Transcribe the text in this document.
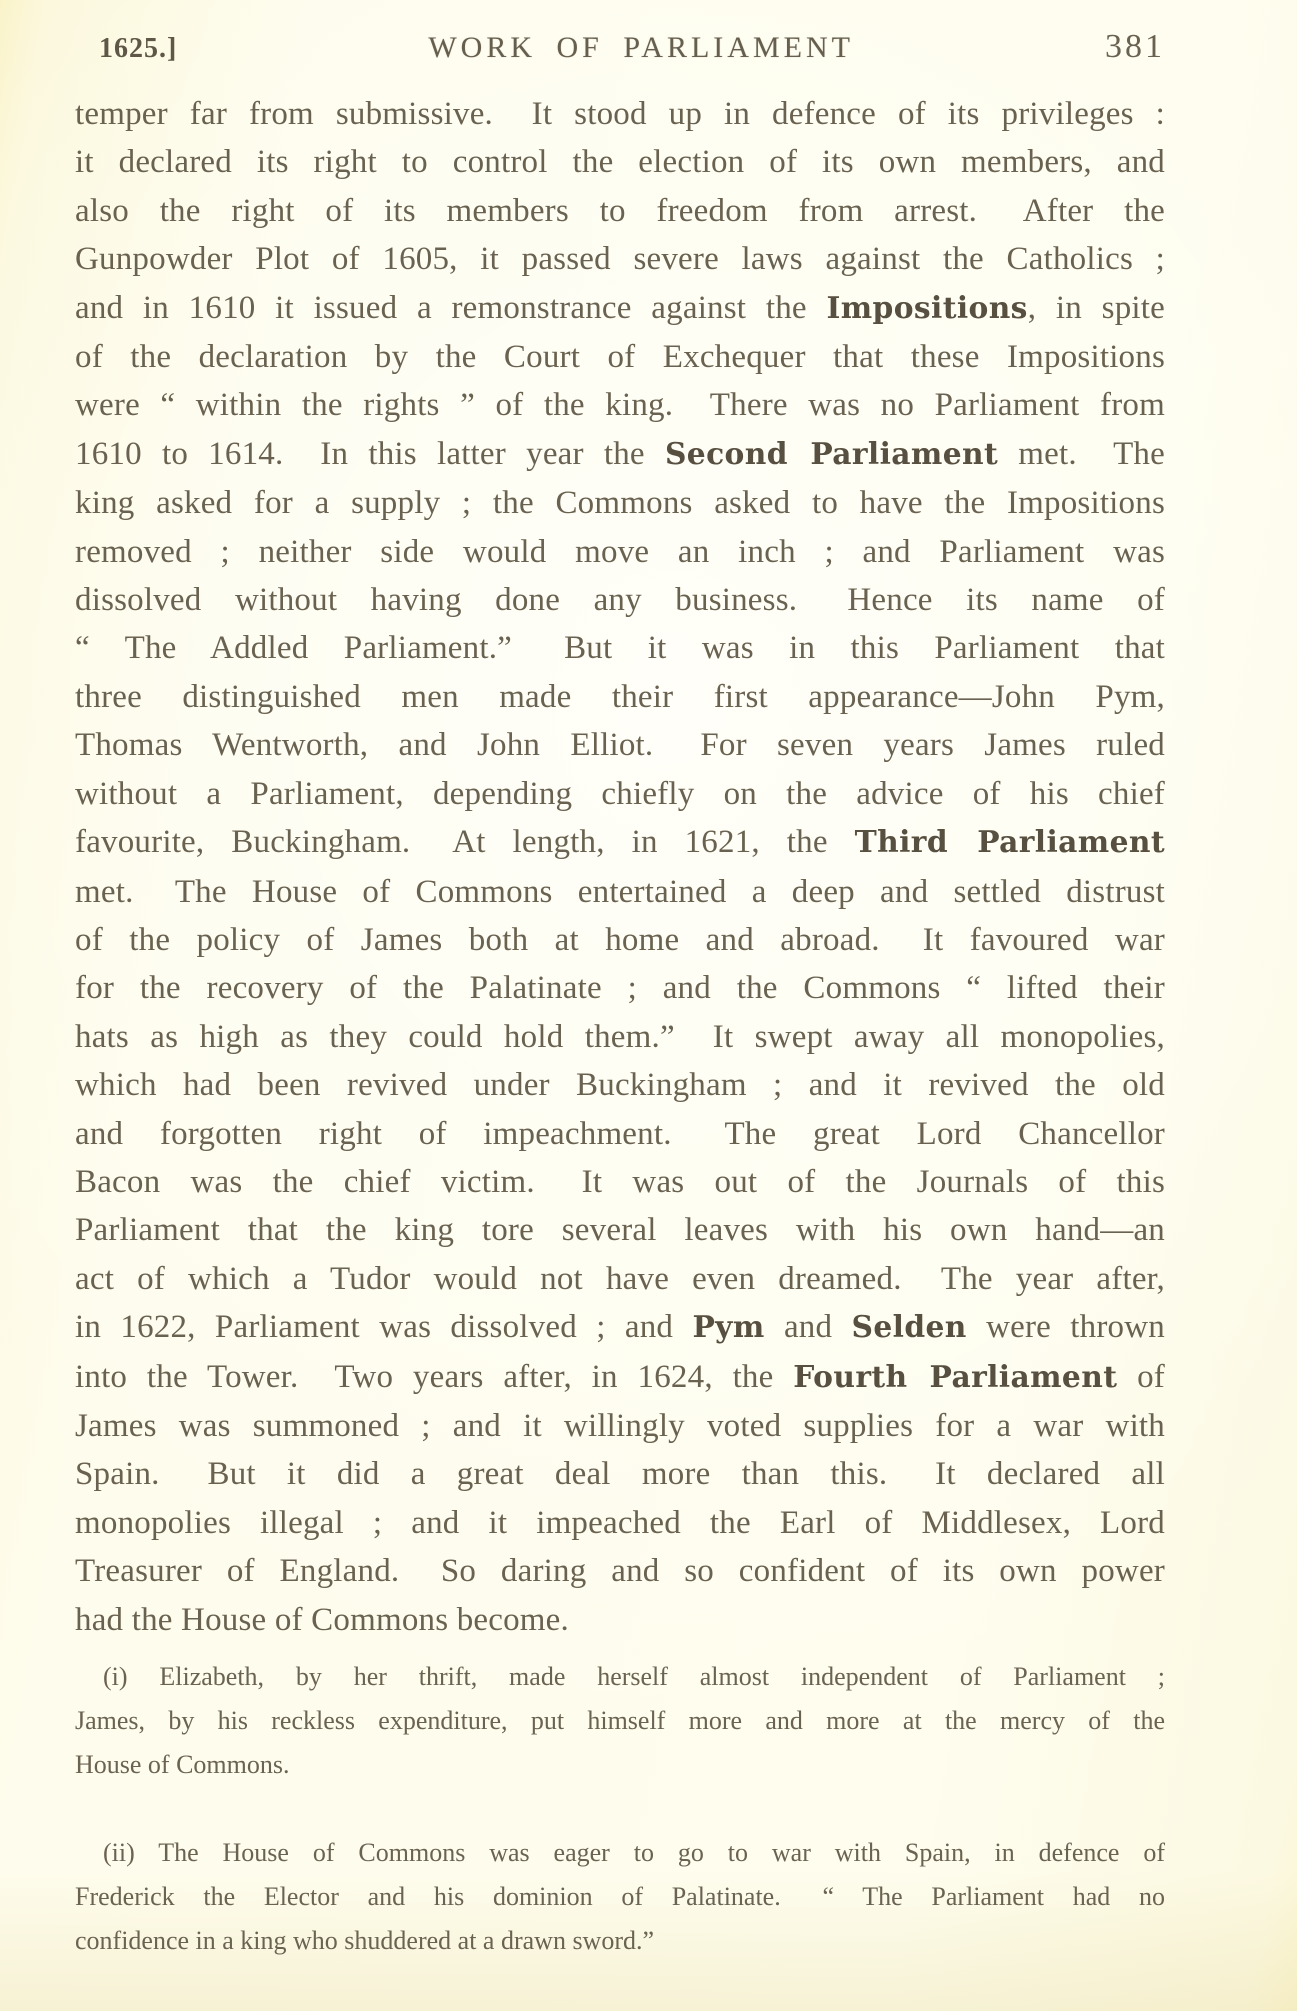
1625.]	WORK OF PARLIAMENT	381
temper far from submissive.  It stood up in defence of its privileges :
it declared its right to control the election of its own members, and
also the right of its members to freedom from arrest.  After the
Gunpowder Plot of 1605, it passed severe laws against the Catholics ;
and in 1610 it issued a remonstrance against the Impositions, in spite
of the declaration by the Court of Exchequer that these Impositions
were “ within the rights ” of the king.  There was no Parliament from
1610 to 1614.  In this latter year the Second Parliament met.  The
king asked for a supply ; the Commons asked to have the Impositions
removed ; neither side would move an inch ; and Parliament was
dissolved without having done any business.  Hence its name of
“ The Addled Parliament.”  But it was in this Parliament that
three distinguished men made their first appearance—John Pym,
Thomas Wentworth, and John Elliot.  For seven years James ruled
without a Parliament, depending chiefly on the advice of his chief
favourite, Buckingham.  At length, in 1621, the Third Parliament
met.  The House of Commons entertained a deep and settled distrust
of the policy of James both at home and abroad.  It favoured war
for the recovery of the Palatinate ; and the Commons “ lifted their
hats as high as they could hold them.”  It swept away all monopolies,
which had been revived under Buckingham ; and it revived the old
and forgotten right of impeachment.  The great Lord Chancellor
Bacon was the chief victim.  It was out of the Journals of this
Parliament that the king tore several leaves with his own hand—an
act of which a Tudor would not have even dreamed.  The year after,
in 1622, Parliament was dissolved ; and Pym and Selden were thrown
into the Tower.  Two years after, in 1624, the Fourth Parliament of
James was summoned ; and it willingly voted supplies for a war with
Spain.  But it did a great deal more than this.  It declared all
monopolies illegal ; and it impeached the Earl of Middlesex, Lord
Treasurer of England.  So daring and so confident of its own power
had the House of Commons become.
(i) Elizabeth, by her thrift, made herself almost independent of Parliament ;
James, by his reckless expenditure, put himself more and more at the mercy of the
House of Commons.
(ii) The House of Commons was eager to go to war with Spain, in defence of
Frederick the Elector and his dominion of Palatinate.  “ The Parliament had no
confidence in a king who shuddered at a drawn sword.”
